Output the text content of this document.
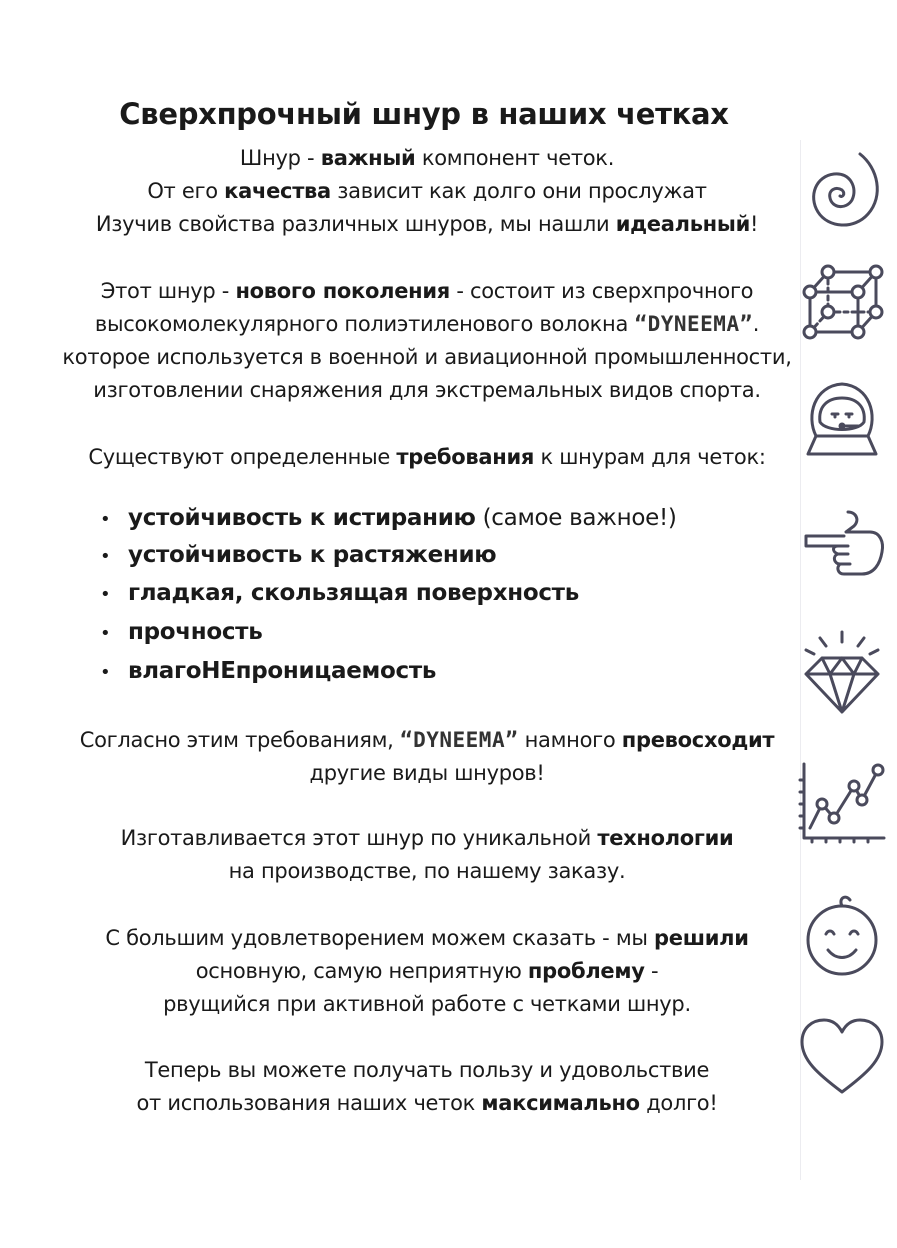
Сверхпрочный шнур в наших четках
Шнур - важный компонент четок.
От его качества зависит как долго они прослужат
Изучив свойства различных шнуров, мы нашли идеальный!
Этот шнур - нового поколения - состоит из сверхпрочного
высокомолекулярного полиэтиленового волокна “DYNEEMA”.
которое используется в военной и авиационной промышленности,
изготовлении снаряжения для экстремальных видов спорта.
Существуют определенные требования к шнурам для четок:
• устойчивость к истиранию (самое важное!)
• устойчивость к растяжению
• гладкая, скользящая поверхность
• прочность
• влагоНЕпроницаемость
Согласно этим требованиям, “DYNEEMA” намного превосходит
другие виды шнуров!
Изготавливается этот шнур по уникальной технологии
на производстве, по нашему заказу.
С большим удовлетворением можем сказать - мы решили
основную, самую неприятную проблему -
рвущийся при активной работе с четками шнур.
Теперь вы можете получать пользу и удовольствие
от использования наших четок максимально долго!
